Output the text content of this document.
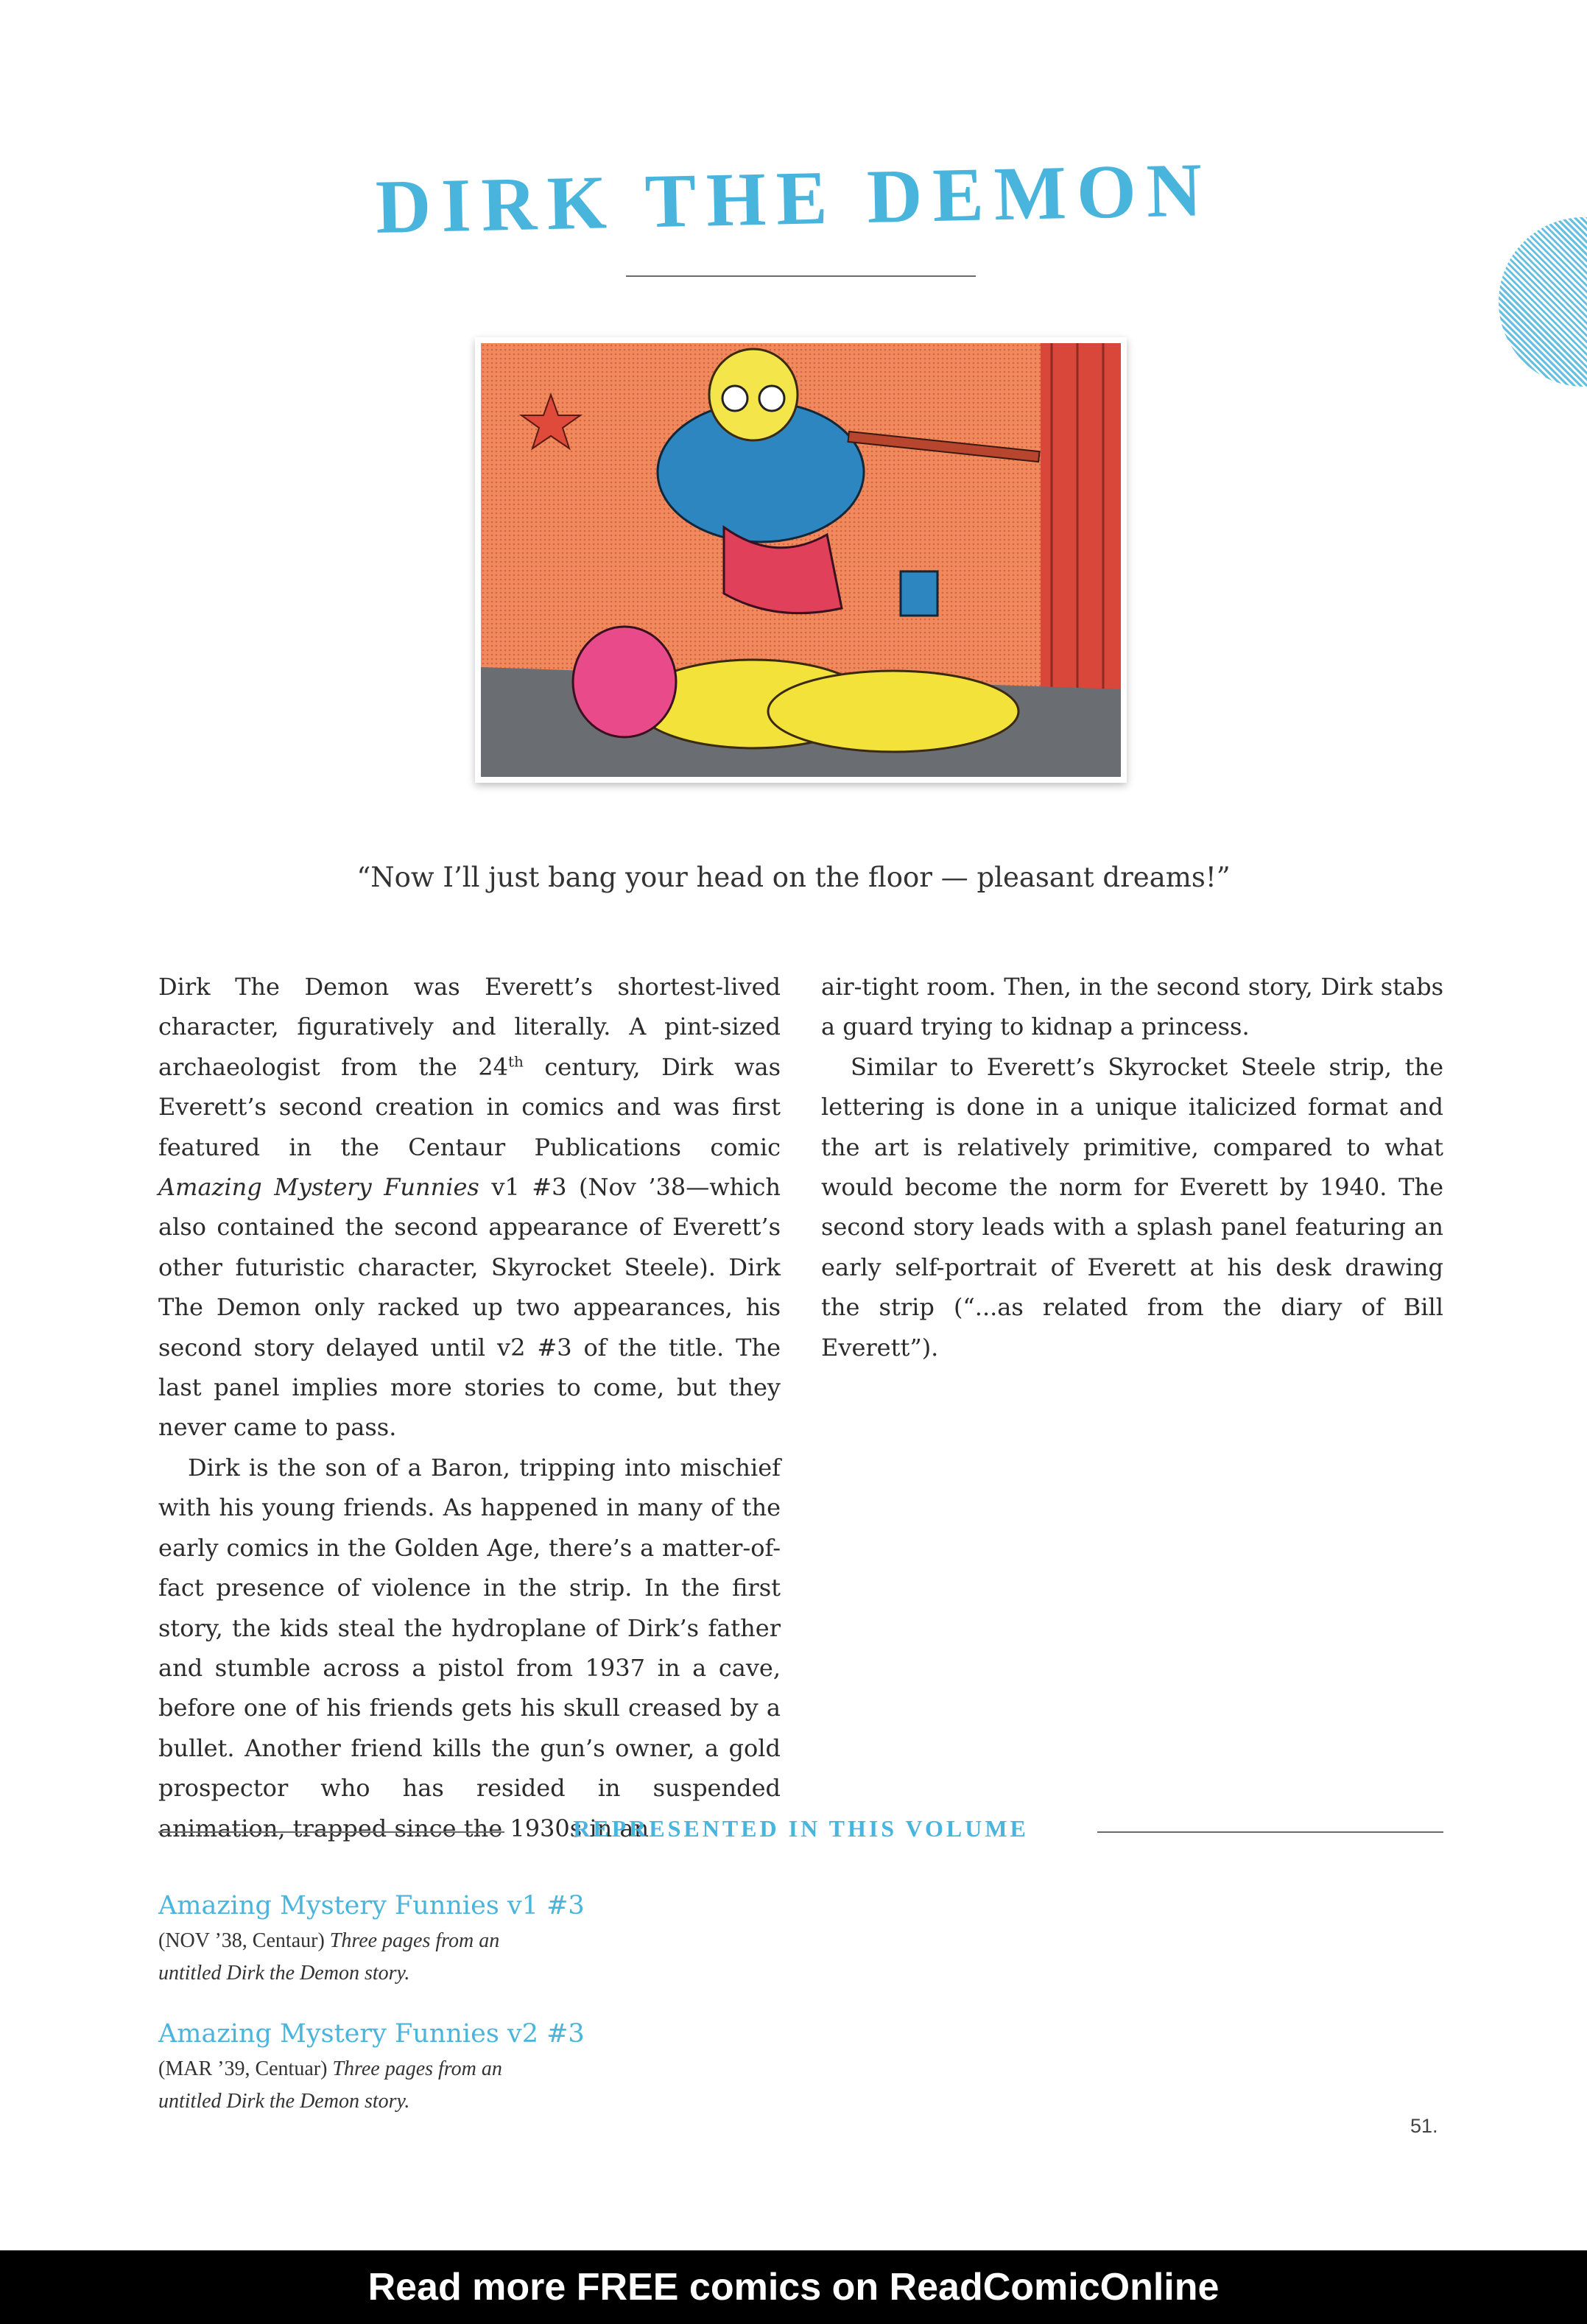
DIRK THE DEMON
“Now I’ll just bang your head on the floor — pleasant dreams!”

Dirk The Demon was Everett’s shortest-lived character, figuratively and literally. A pint-sized archaeologist from the 24th century, Dirk was Everett’s second creation in comics and was first featured in the Centaur Publications comic Amazing Mystery Funnies v1 #3 (Nov ’38—which also contained the second appearance of Everett’s other futuristic character, Skyrocket Steele). Dirk The Demon only racked up two appearances, his second story delayed until v2 #3 of the title. The last panel implies more stories to come, but they never came to pass.

Dirk is the son of a Baron, tripping into mischief with his young friends. As happened in many of the early comics in the Golden Age, there’s a matter-of-fact presence of violence in the strip. In the first story, the kids steal the hydroplane of Dirk’s father and stumble across a pistol from 1937 in a cave, before one of his friends gets his skull creased by a bullet. Another friend kills the gun’s owner, a gold prospector who has resided in suspended animation, trapped since the 1930s in an

air-tight room. Then, in the second story, Dirk stabs a guard trying to kidnap a princess.

Similar to Everett’s Skyrocket Steele strip, the lettering is done in a unique italicized format and the art is relatively primitive, compared to what would become the norm for Everett by 1940. The second story leads with a splash panel featuring an early self-portrait of Everett at his desk drawing the strip (“...as related from the diary of Bill Everett”).

REPRESENTED IN THIS VOLUME

Amazing Mystery Funnies v1 #3

(NOV ’38, Centaur) Three pages from an
untitled Dirk the Demon story.

Amazing Mystery Funnies v2 #3

(MAR ’39, Centuar) Three pages from an
untitled Dirk the Demon story.

51.
Read more FREE comics on ReadComicOnline
